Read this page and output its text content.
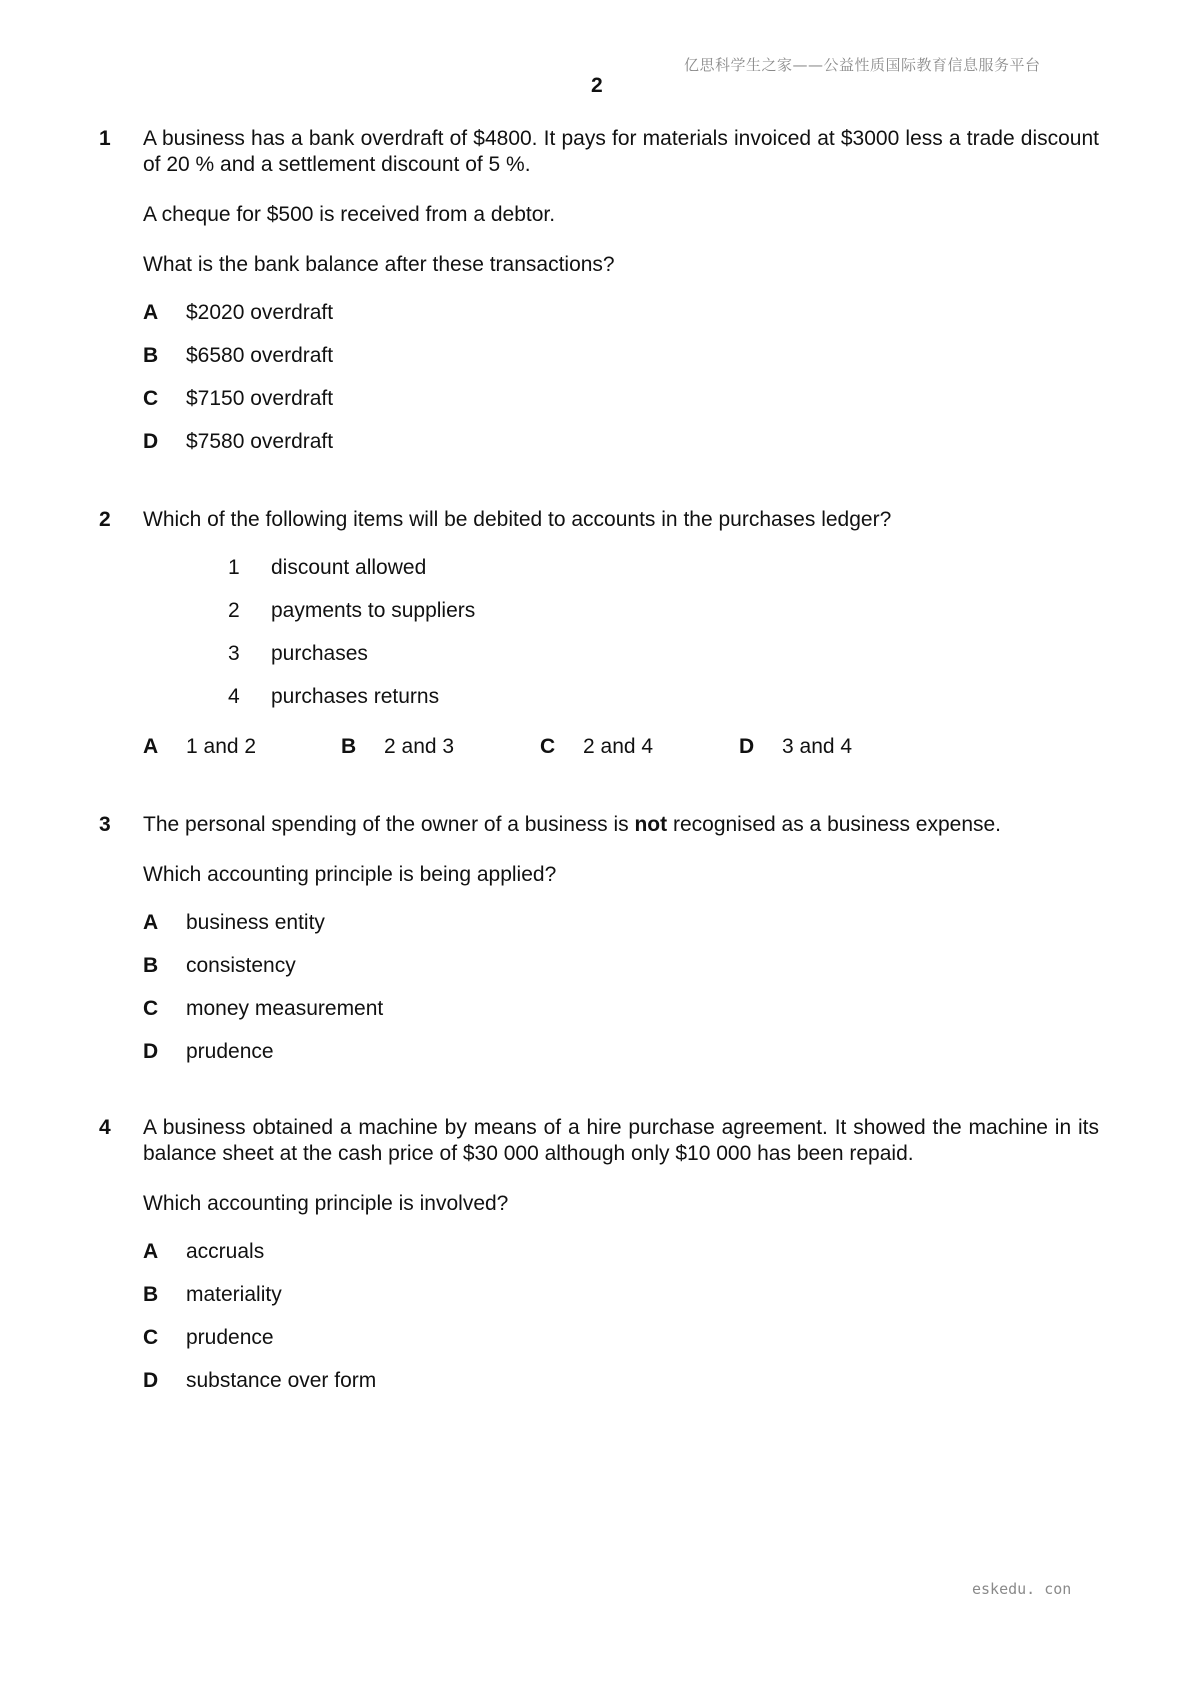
亿思科学生之家——公益性质国际教育信息服务平台
2
1 A business has a bank overdraft of $4800. It pays for materials invoiced at $3000 less a trade discount of 20 % and a settlement discount of 5 %.
A cheque for $500 is received from a debtor.
What is the bank balance after these transactions?
A $2020 overdraft
B $6580 overdraft
C $7150 overdraft
D $7580 overdraft
2 Which of the following items will be debited to accounts in the purchases ledger?
1 discount allowed
2 payments to suppliers
3 purchases
4 purchases returns
A 1 and 2	B 2 and 3	C 2 and 4	D 3 and 4
3 The personal spending of the owner of a business is not recognised as a business expense.
Which accounting principle is being applied?
A business entity
B consistency
C money measurement
D prudence
4 A business obtained a machine by means of a hire purchase agreement. It showed the machine in its balance sheet at the cash price of $30 000 although only $10 000 has been repaid.
Which accounting principle is involved?
A accruals
B materiality
C prudence
D substance over form
eskedu. con
